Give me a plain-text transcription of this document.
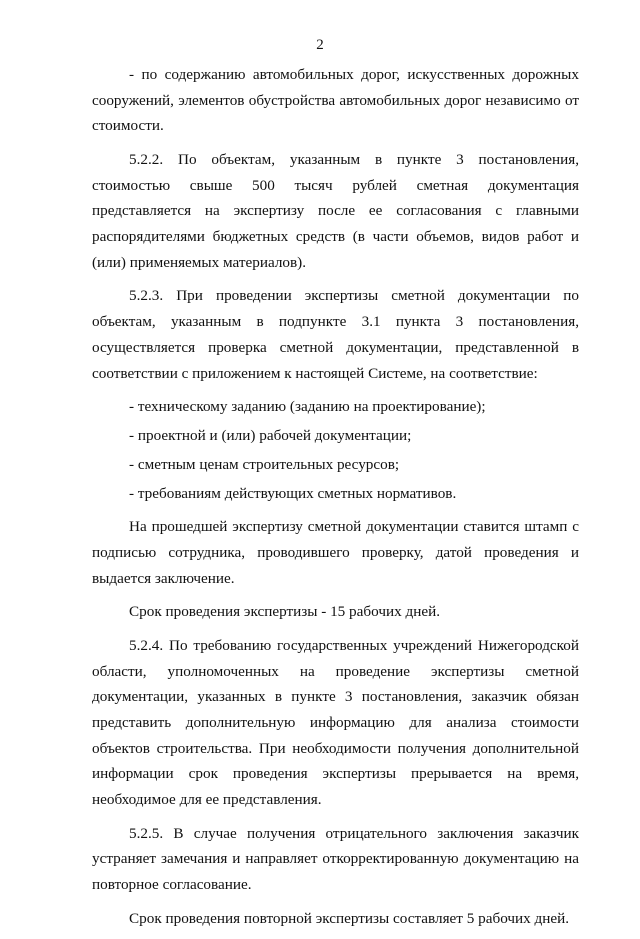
2

- по содержанию автомобильных дорог, искусственных дорожных сооружений, элементов обустройства автомобильных дорог независимо от стоимости.

5.2.2. По объектам, указанным в пункте 3 постановления, стоимостью свыше 500 тысяч рублей сметная документация представляется на экспертизу после ее согласования с главными распорядителями бюджетных средств (в части объемов, видов работ и (или) применяемых материалов).

5.2.3. При проведении экспертизы сметной документации по объектам, указанным в подпункте 3.1 пункта 3 постановления, осуществляется проверка сметной документации, представленной в соответствии с приложением к настоящей Системе, на соответствие:

- техническому заданию (заданию на проектирование);

- проектной и (или) рабочей документации;

- сметным ценам строительных ресурсов;

- требованиям действующих сметных нормативов.

На прошедшей экспертизу сметной документации ставится штамп с подписью сотрудника, проводившего проверку, датой проведения и выдается заключение.

Срок проведения экспертизы - 15 рабочих дней.

5.2.4. По требованию государственных учреждений Нижегородской области, уполномоченных на проведение экспертизы сметной документации, указанных в пункте 3 постановления, заказчик обязан представить дополнительную информацию для анализа стоимости объектов строительства. При необходимости получения дополнительной информации срок проведения экспертизы прерывается на время, необходимое для ее представления.

5.2.5. В случае получения отрицательного заключения заказчик устраняет замечания и направляет откорректированную документацию на повторное согласование.

Срок проведения повторной экспертизы составляет 5 рабочих дней.
